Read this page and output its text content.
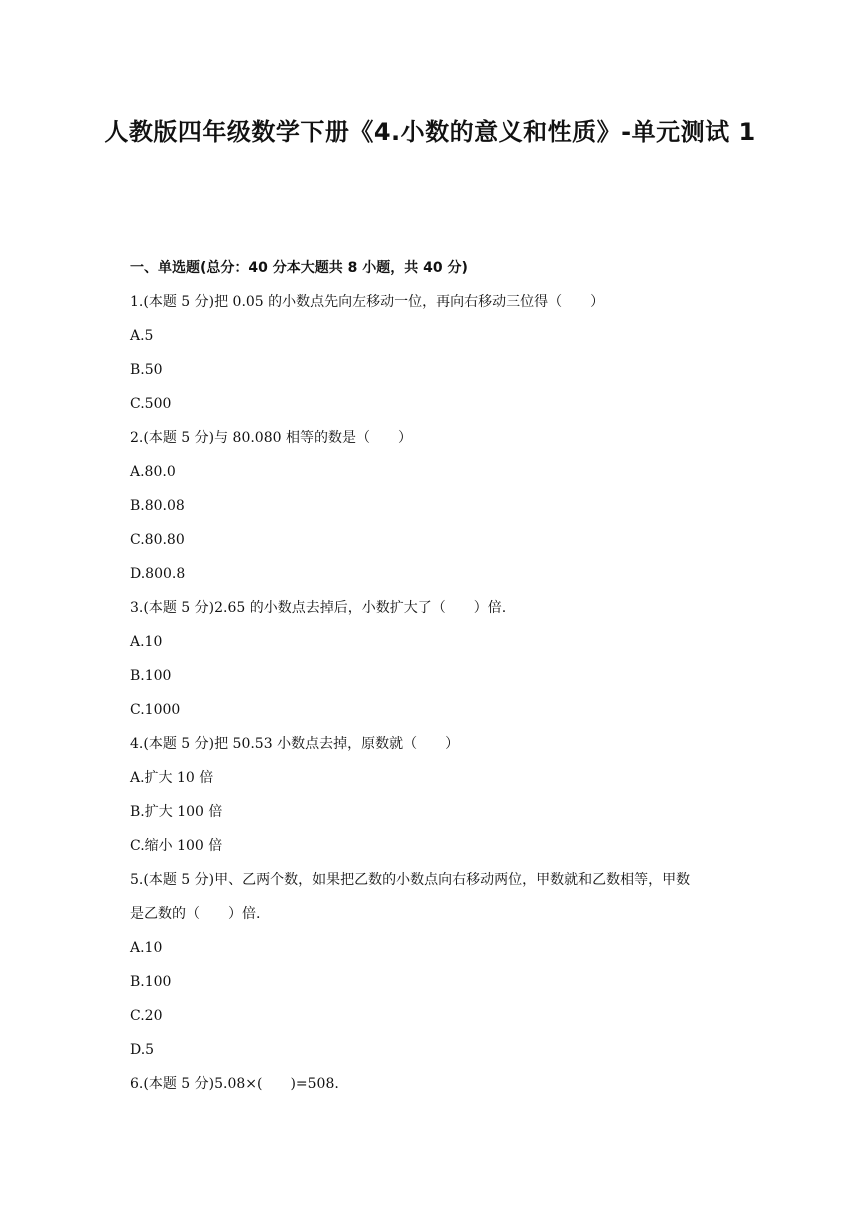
人教版四年级数学下册《4.小数的意义和性质》-单元测试 1
一、单选题(总分：40 分本大题共 8 小题，共 40 分)
1.(本题 5 分)把 0.05 的小数点先向左移动一位，再向右移动三位得（　　）
A.5
B.50
C.500
2.(本题 5 分)与 80.080 相等的数是（　　）
A.80.0
B.80.08
C.80.80
D.800.8
3.(本题 5 分)2.65 的小数点去掉后，小数扩大了（　　）倍.
A.10
B.100
C.1000
4.(本题 5 分)把 50.53 小数点去掉，原数就（　　）
A.扩大 10 倍
B.扩大 100 倍
C.缩小 100 倍
5.(本题 5 分)甲、乙两个数，如果把乙数的小数点向右移动两位，甲数就和乙数相等，甲数
是乙数的（　　）倍.
A.10
B.100
C.20
D.5
6.(本题 5 分)5.08×(　　)=508.
